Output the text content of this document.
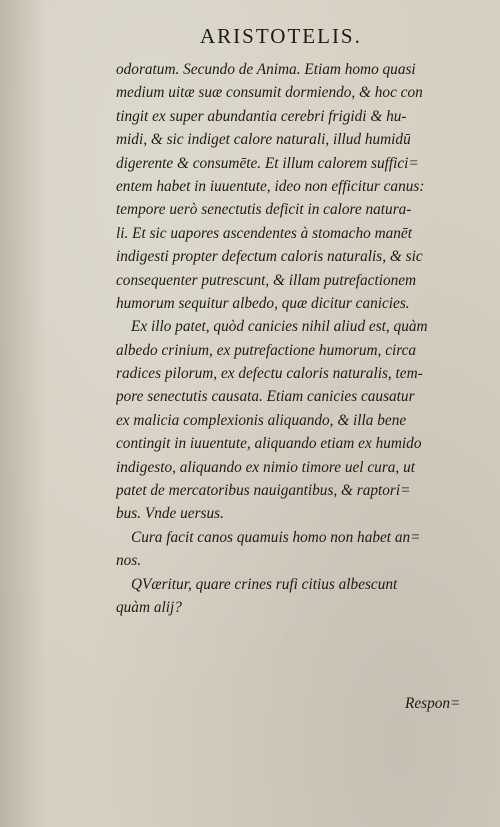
ARISTOTELIS.
odoratum. Secundo de Anima. Etiam homo quasi
medium uitæ suæ consumit dormiendo, & hoc con
tingit ex super abundantia cerebri frigidi & hu-
midi, & sic indiget calore naturali, illud humidū
digerente & consumēte. Et illum calorem suffici=
entem habet in iuuentute, ideo non efficitur canus:
tempore uerò senectutis deficit in calore natura-
li. Et sic uapores ascendentes à stomacho manēt
indigesti propter defectum caloris naturalis, & sic
consequenter putrescunt, & illam putrefactionem
humorum sequitur albedo, quæ dicitur canicies.
Ex illo patet, quòd canicies nihil aliud est, quàm
albedo crinium, ex putrefactione humorum, circa
radices pilorum, ex defectu caloris naturalis, tem-
pore senectutis causata. Etiam canicies causatur
ex malicia complexionis aliquando, & illa bene
contingit in iuuentute, aliquando etiam ex humido
indigesto, aliquando ex nimio timore uel cura, ut
patet de mercatoribus nauigantibus, & raptori=
bus. Vnde uersus.
Cura facit canos quamuis homo non habet an=
nos.
QVæritur, quare crines rufi citius albescunt
quàm alij?
Respon=
